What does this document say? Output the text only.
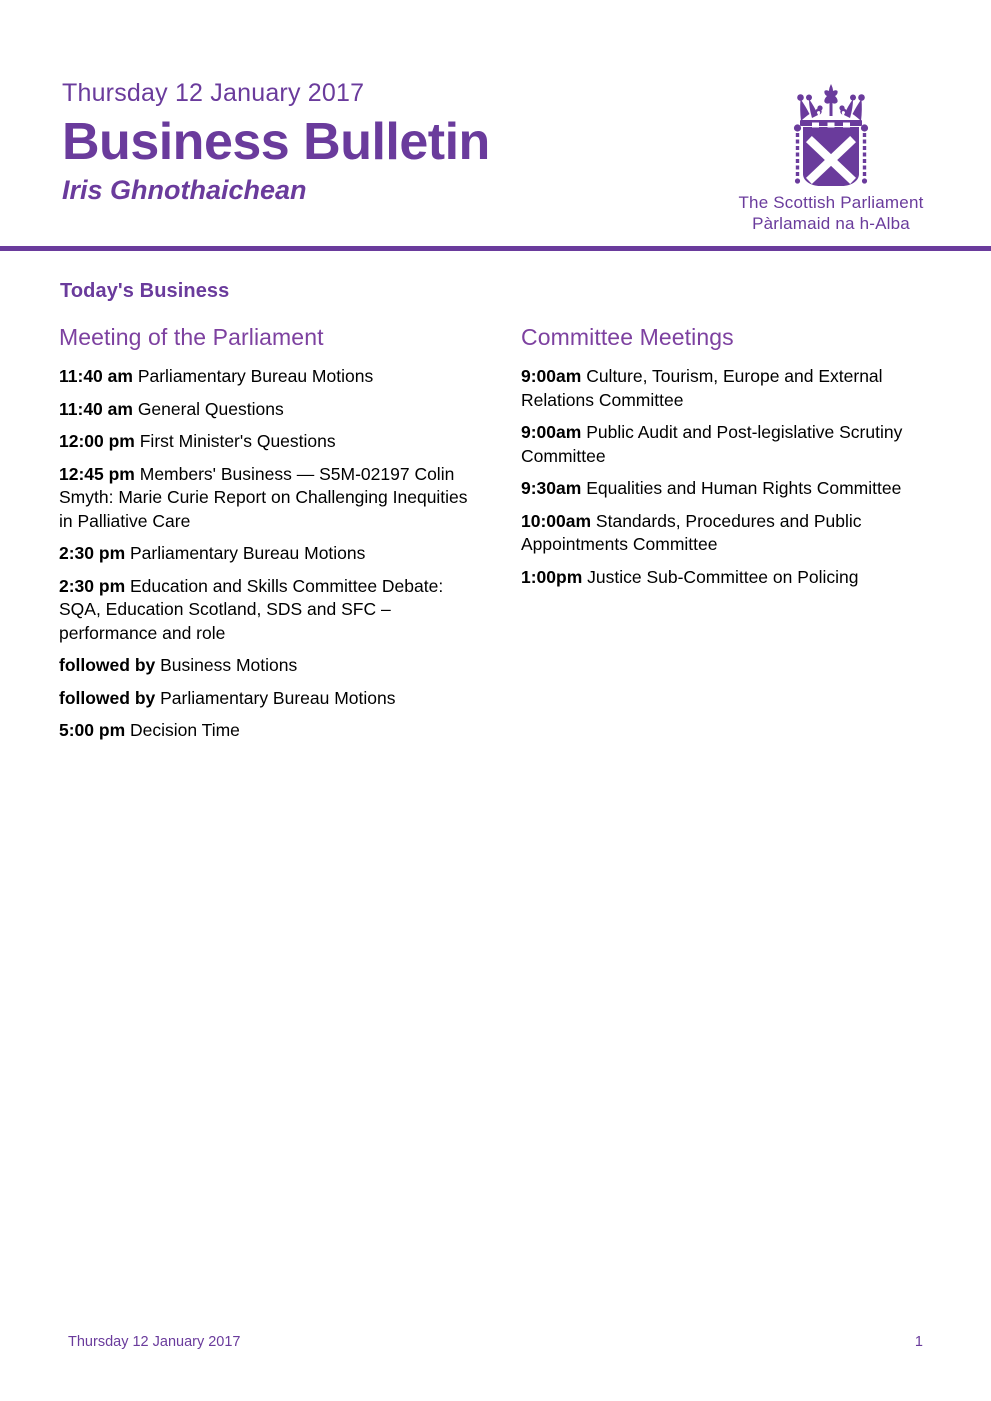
Thursday 12 January 2017
Business Bulletin
Iris Ghnothaichean	The Scottish Parliament
Pàrlamaid na h-Alba
Today's Business
Meeting of the Parliament
11:40 am Parliamentary Bureau Motions
11:40 am General Questions
12:00 pm First Minister's Questions
12:45 pm Members' Business — S5M-02197 Colin Smyth: Marie Curie Report on Challenging Inequities in Palliative Care
2:30 pm Parliamentary Bureau Motions
2:30 pm Education and Skills Committee Debate: SQA, Education Scotland, SDS and SFC – performance and role
followed by Business Motions
followed by Parliamentary Bureau Motions
5:00 pm Decision Time
Committee Meetings
9:00am Culture, Tourism, Europe and External Relations Committee
9:00am Public Audit and Post-legislative Scrutiny Committee
9:30am Equalities and Human Rights Committee
10:00am Standards, Procedures and Public Appointments Committee
1:00pm Justice Sub-Committee on Policing
Thursday 12 January 2017	1
